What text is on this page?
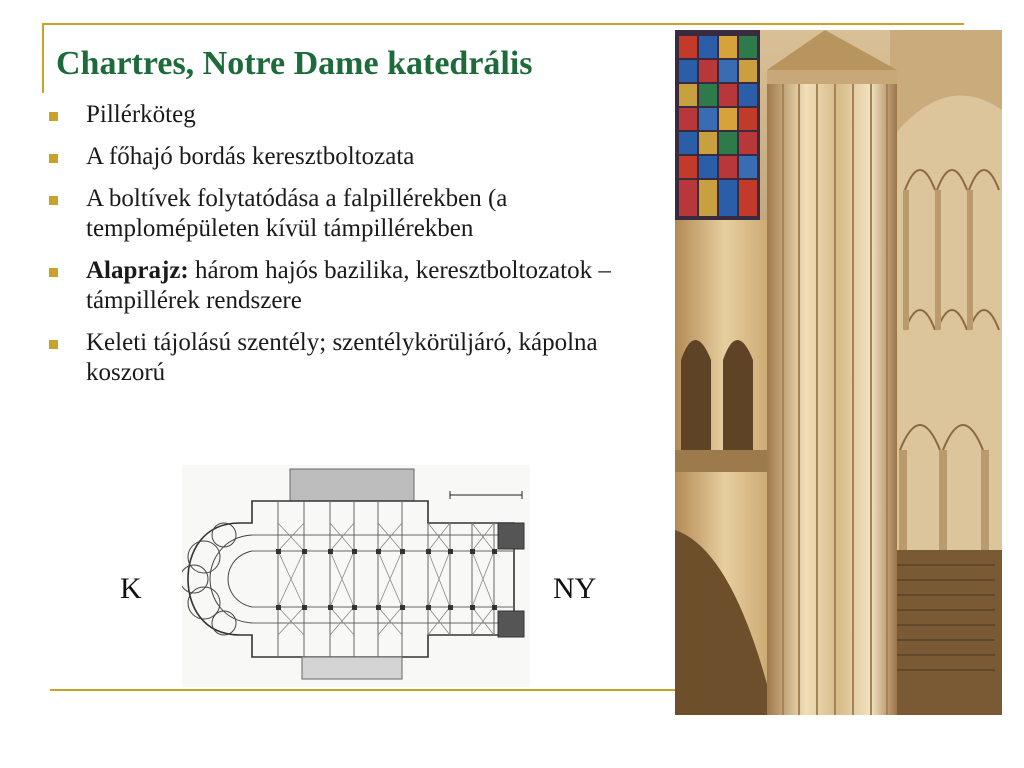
Chartres, Notre Dame katedrális
Pillérköteg
A főhajó bordás keresztboltozata
A boltívek folytatódása a falpillérekben (a templomépületen kívül támpillérekben
Alaprajz: három hajós bazilika, keresztboltozatok – támpillérek rendszere
Keleti tájolású szentély; szentélykörüljáró, kápolna koszorú
K	NY
